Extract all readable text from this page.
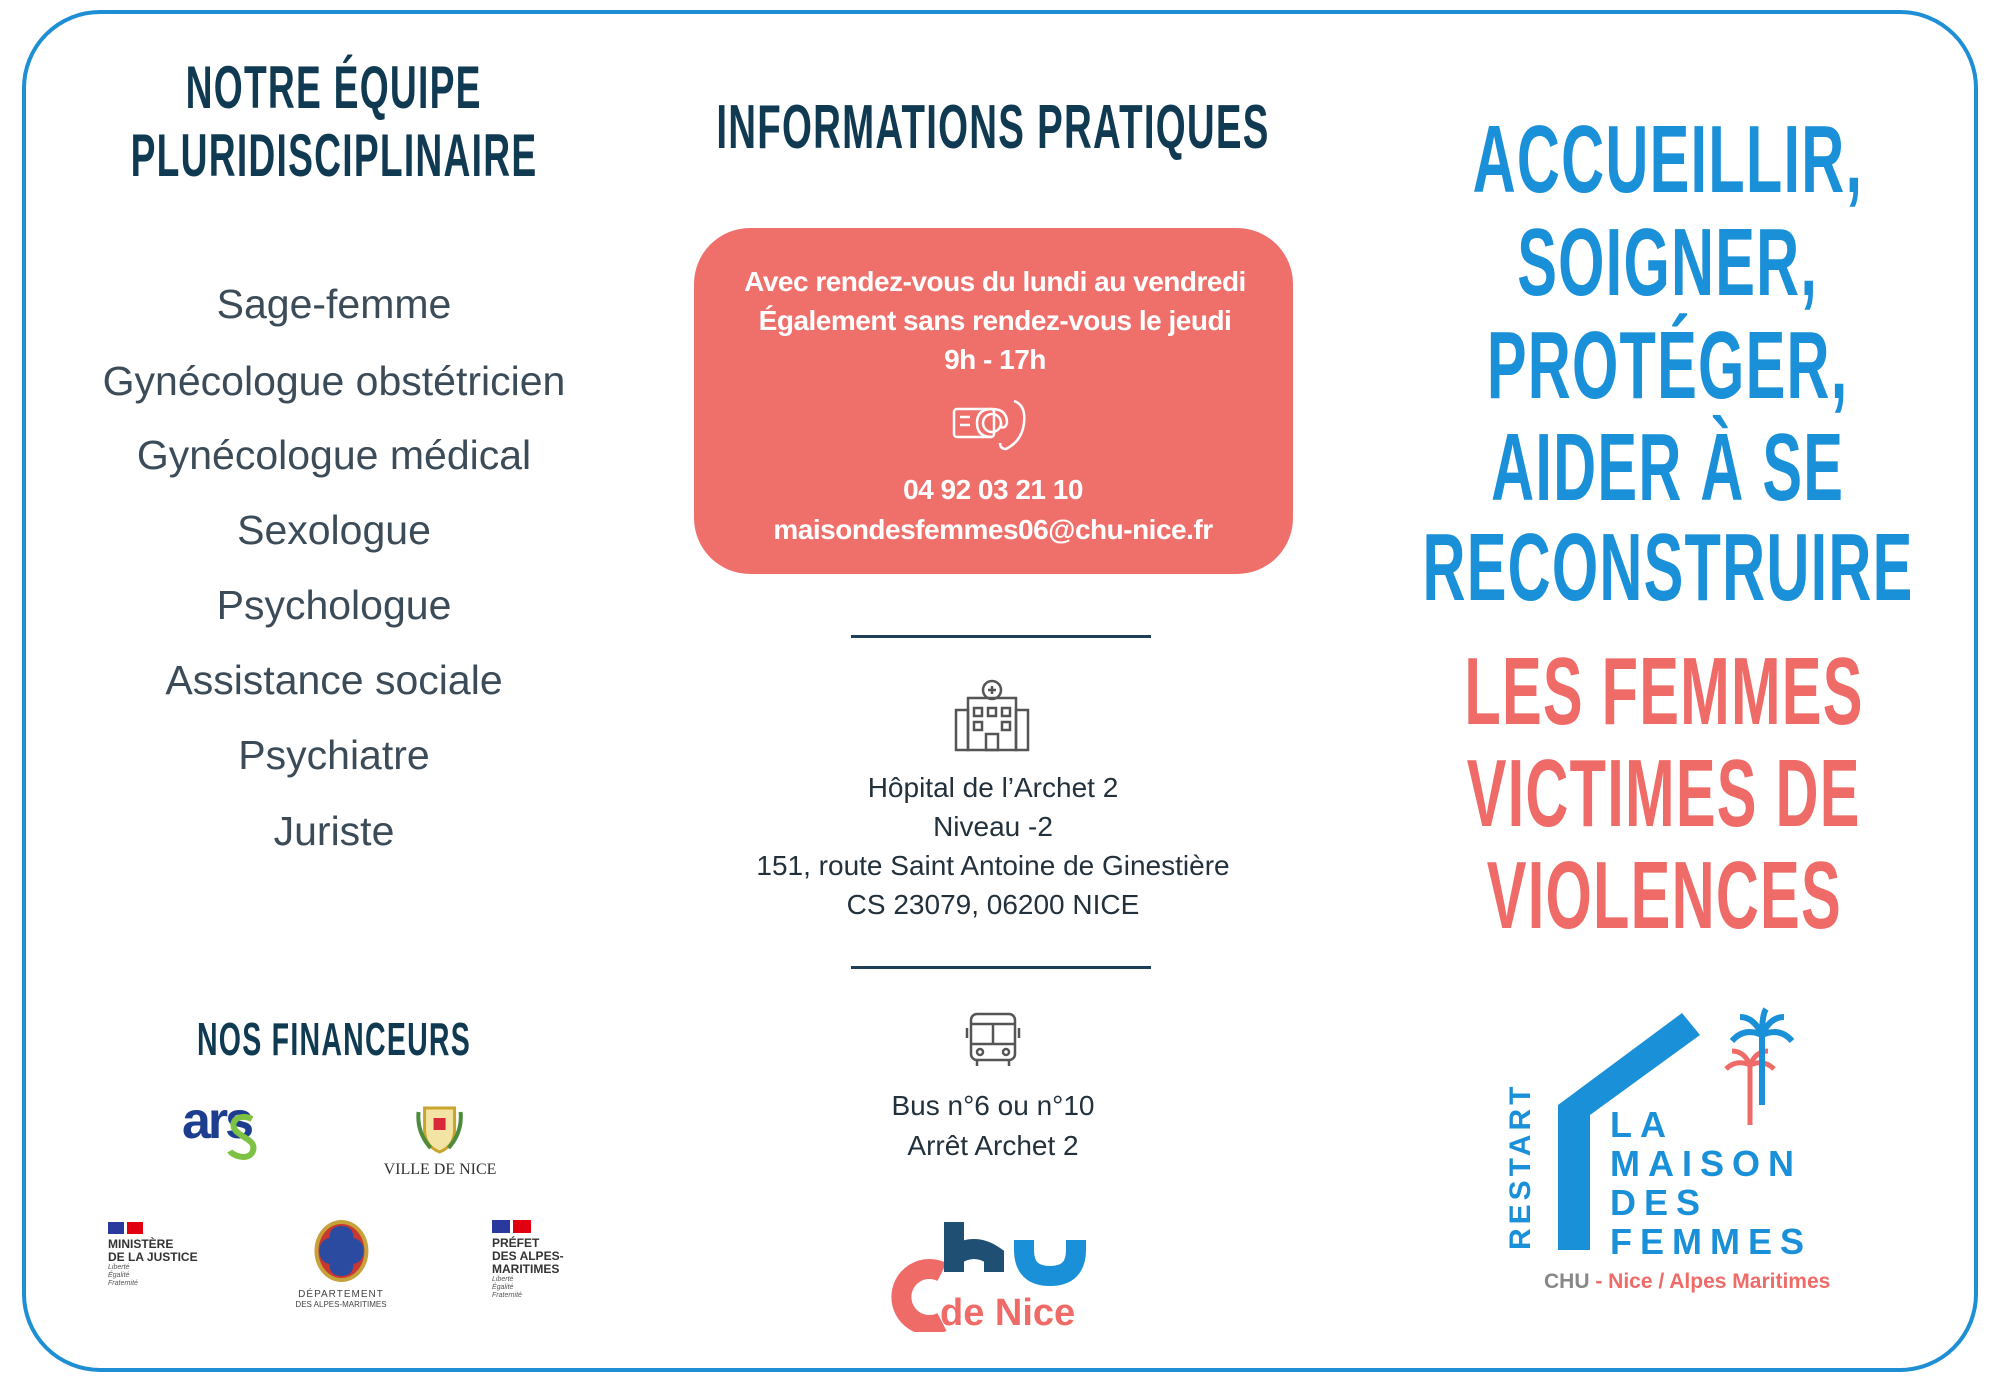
NOTRE ÉQUIPE
PLURIDISCIPLINAIRE
Sage-femme
Gynécologue obstétricien
Gynécologue médical
Sexologue
Psychologue
Assistance sociale
Psychiatre
Juriste
NOS FINANCEURS
ars
VILLE DE NICE
MINISTÈRE
DE LA JUSTICE
Liberté
Égalité
Fraternité
DÉPARTEMENT
DES ALPES-MARITIMES
PRÉFET
DES ALPES-
MARITIMES
Liberté
Égalité
Fraternité
INFORMATIONS PRATIQUES
Avec rendez-vous du lundi au vendredi
Également sans rendez-vous le jeudi
9h - 17h
04 92 03 21 10
maisondesfemmes06@chu-nice.fr
Hôpital de l’Archet 2
Niveau -2
151, route Saint Antoine de Ginestière
CS 23079, 06200 NICE
Bus n°6 ou n°10
Arrêt Archet 2
de Nice
ACCUEILLIR,
SOIGNER,
PROTÉGER,
AIDER À SE
RECONSTRUIRE
LES FEMMES
VICTIMES DE
VIOLENCES
RESTART LA
MAISON
DES
FEMMES
CHU - Nice / Alpes Maritimes
